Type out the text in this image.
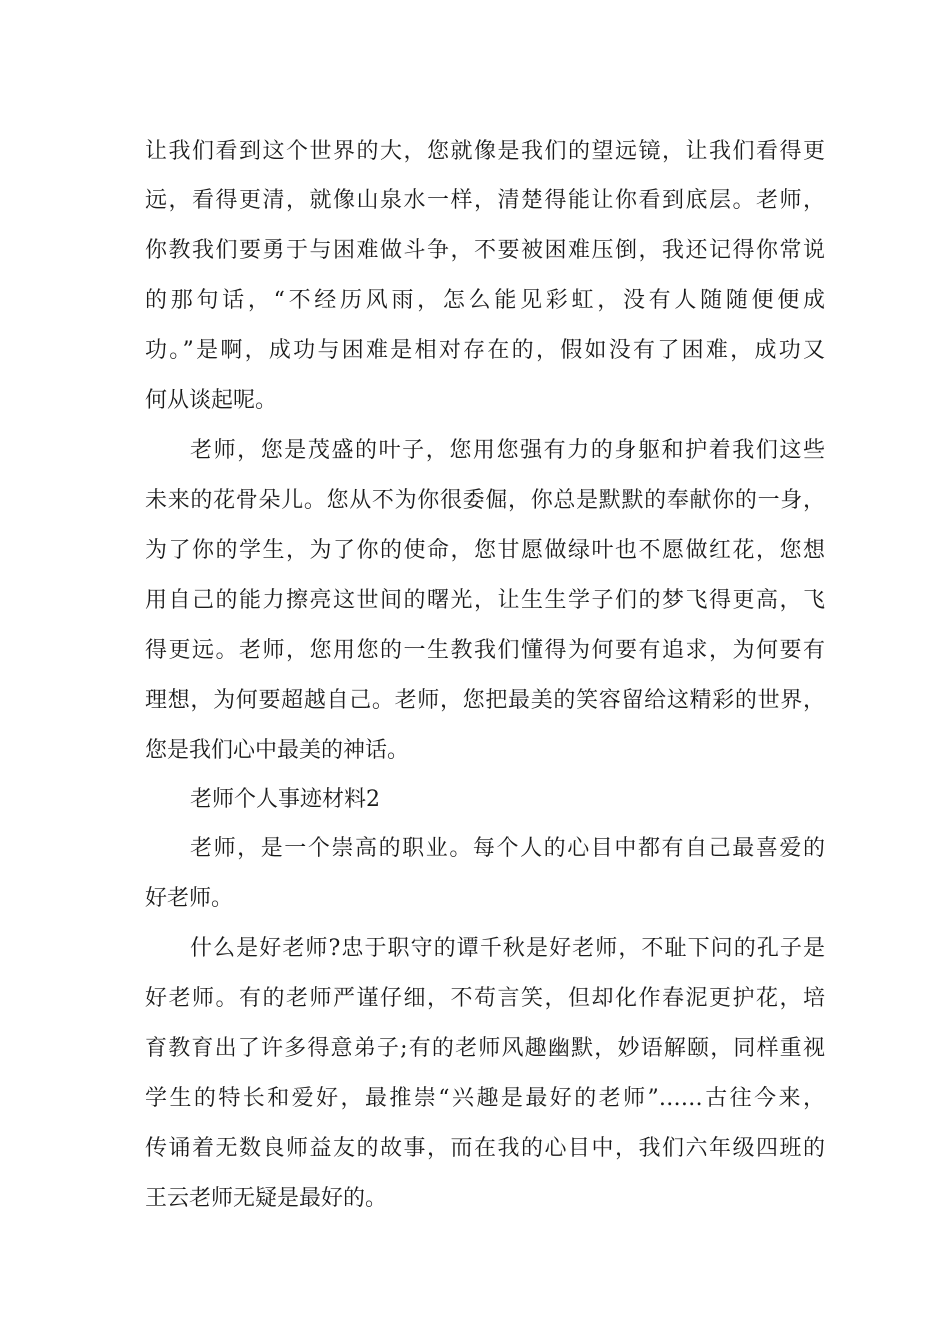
让我们看到这个世界的大，您就像是我们的望远镜，让我们看得更
远，看得更清，就像山泉水一样，清楚得能让你看到底层。老师，
你教我们要勇于与困难做斗争，不要被困难压倒，我还记得你常说
的那句话，“不经历风雨，怎么能见彩虹，没有人随随便便成
功。”是啊，成功与困难是相对存在的，假如没有了困难，成功又
何从谈起呢。
老师，您是茂盛的叶子，您用您强有力的身躯和护着我们这些
未来的花骨朵儿。您从不为你很委倔，你总是默默的奉献你的一身，
为了你的学生，为了你的使命，您甘愿做绿叶也不愿做红花，您想
用自己的能力擦亮这世间的曙光，让生生学子们的梦飞得更高，飞
得更远。老师，您用您的一生教我们懂得为何要有追求，为何要有
理想，为何要超越自己。老师，您把最美的笑容留给这精彩的世界，
您是我们心中最美的神话。
老师个人事迹材料2
老师，是一个崇高的职业。每个人的心目中都有自己最喜爱的
好老师。
什么是好老师?忠于职守的谭千秋是好老师，不耻下问的孔子是
好老师。有的老师严谨仔细，不苟言笑，但却化作春泥更护花，培
育教育出了许多得意弟子;有的老师风趣幽默，妙语解颐，同样重视
学生的特长和爱好，最推崇“兴趣是最好的老师”……古往今来，
传诵着无数良师益友的故事，而在我的心目中，我们六年级四班的
王云老师无疑是最好的。
